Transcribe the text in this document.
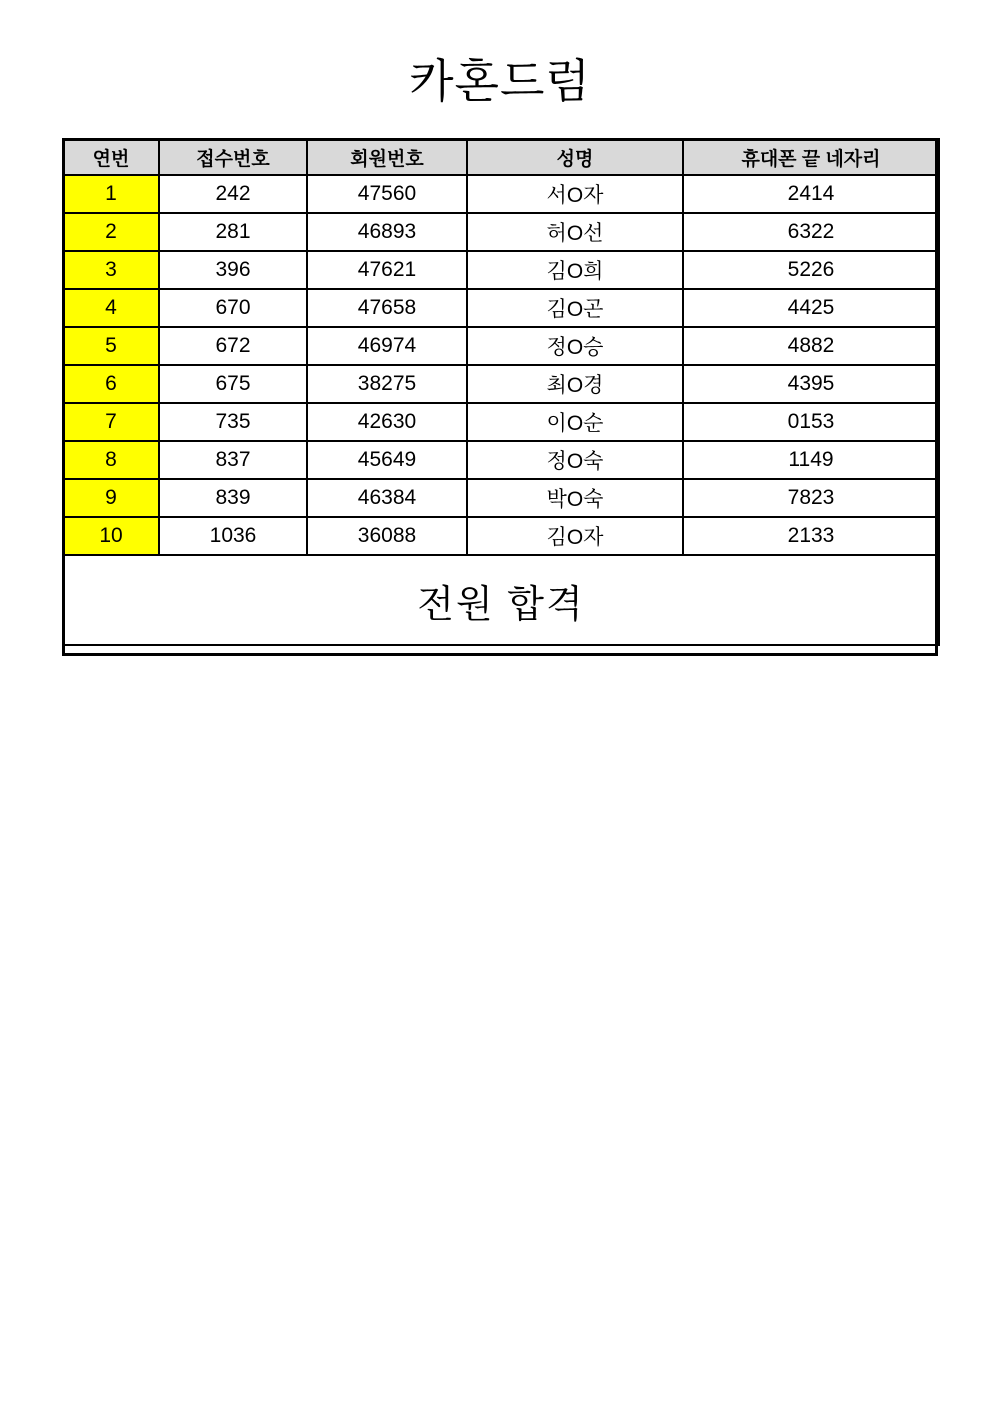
카혼드럼
연번	접수번호	회원번호	성명	휴대폰 끝 네자리
1	242	47560	서O자	2414
2	281	46893	허O선	6322
3	396	47621	김O희	5226
4	670	47658	김O곤	4425
5	672	46974	정O승	4882
6	675	38275	최O경	4395
7	735	42630	이O순	0153
8	837	45649	정O숙	1149
9	839	46384	박O숙	7823
10	1036	36088	김O자	2133
전원 합격				
